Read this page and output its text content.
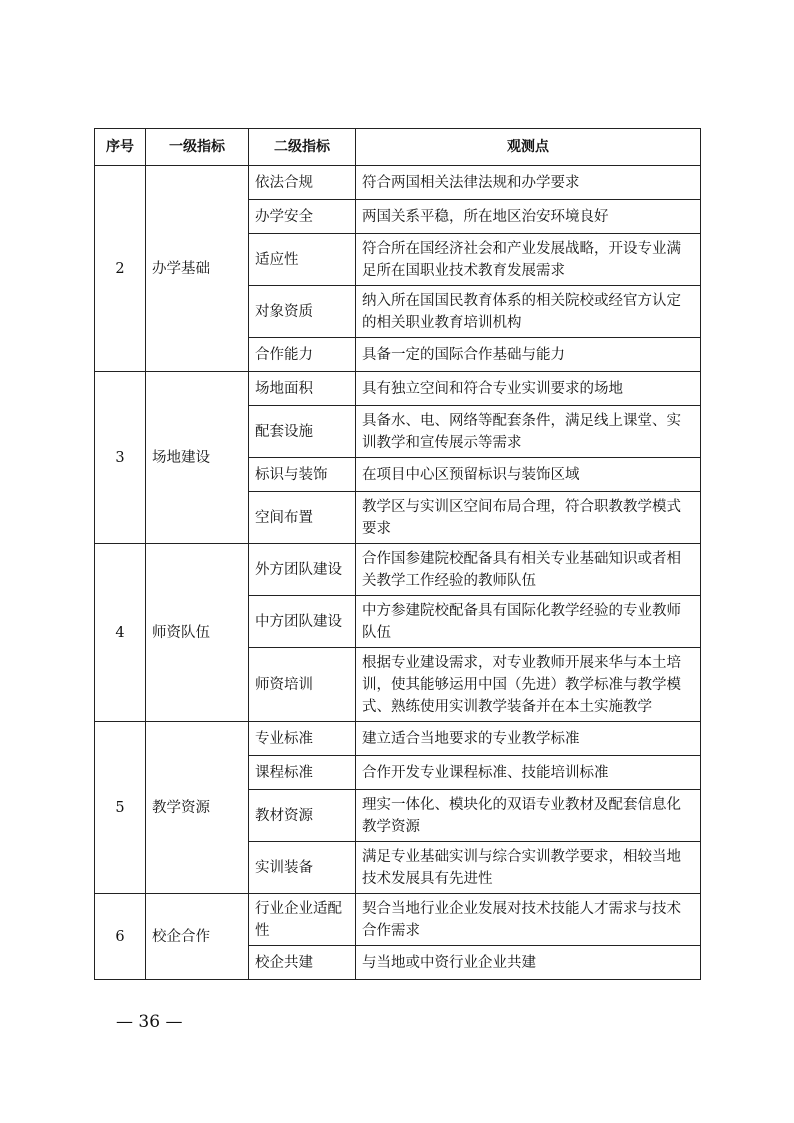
序号	一级指标	二级指标	观测点
2	办学基础	依法合规	符合两国相关法律法规和办学要求
		办学安全	两国关系平稳，所在地区治安环境良好
		适应性	符合所在国经济社会和产业发展战略，开设专业满足所在国职业技术教育发展需求
		对象资质	纳入所在国国民教育体系的相关院校或经官方认定的相关职业教育培训机构
		合作能力	具备一定的国际合作基础与能力
3	场地建设	场地面积	具有独立空间和符合专业实训要求的场地
		配套设施	具备水、电、网络等配套条件，满足线上课堂、实训教学和宣传展示等需求
		标识与装饰	在项目中心区预留标识与装饰区域
		空间布置	教学区与实训区空间布局合理，符合职教教学模式要求
4	师资队伍	外方团队建设	合作国参建院校配备具有相关专业基础知识或者相关教学工作经验的教师队伍
		中方团队建设	中方参建院校配备具有国际化教学经验的专业教师队伍
		师资培训	根据专业建设需求，对专业教师开展来华与本土培训，使其能够运用中国（先进）教学标准与教学模式、熟练使用实训教学装备并在本土实施教学
5	教学资源	专业标准	建立适合当地要求的专业教学标准
		课程标准	合作开发专业课程标准、技能培训标准
		教材资源	理实一体化、模块化的双语专业教材及配套信息化教学资源
		实训装备	满足专业基础实训与综合实训教学要求，相较当地技术发展具有先进性
6	校企合作	行业企业适配性	契合当地行业企业发展对技术技能人才需求与技术合作需求
		校企共建	与当地或中资行业企业共建
— 36 —
